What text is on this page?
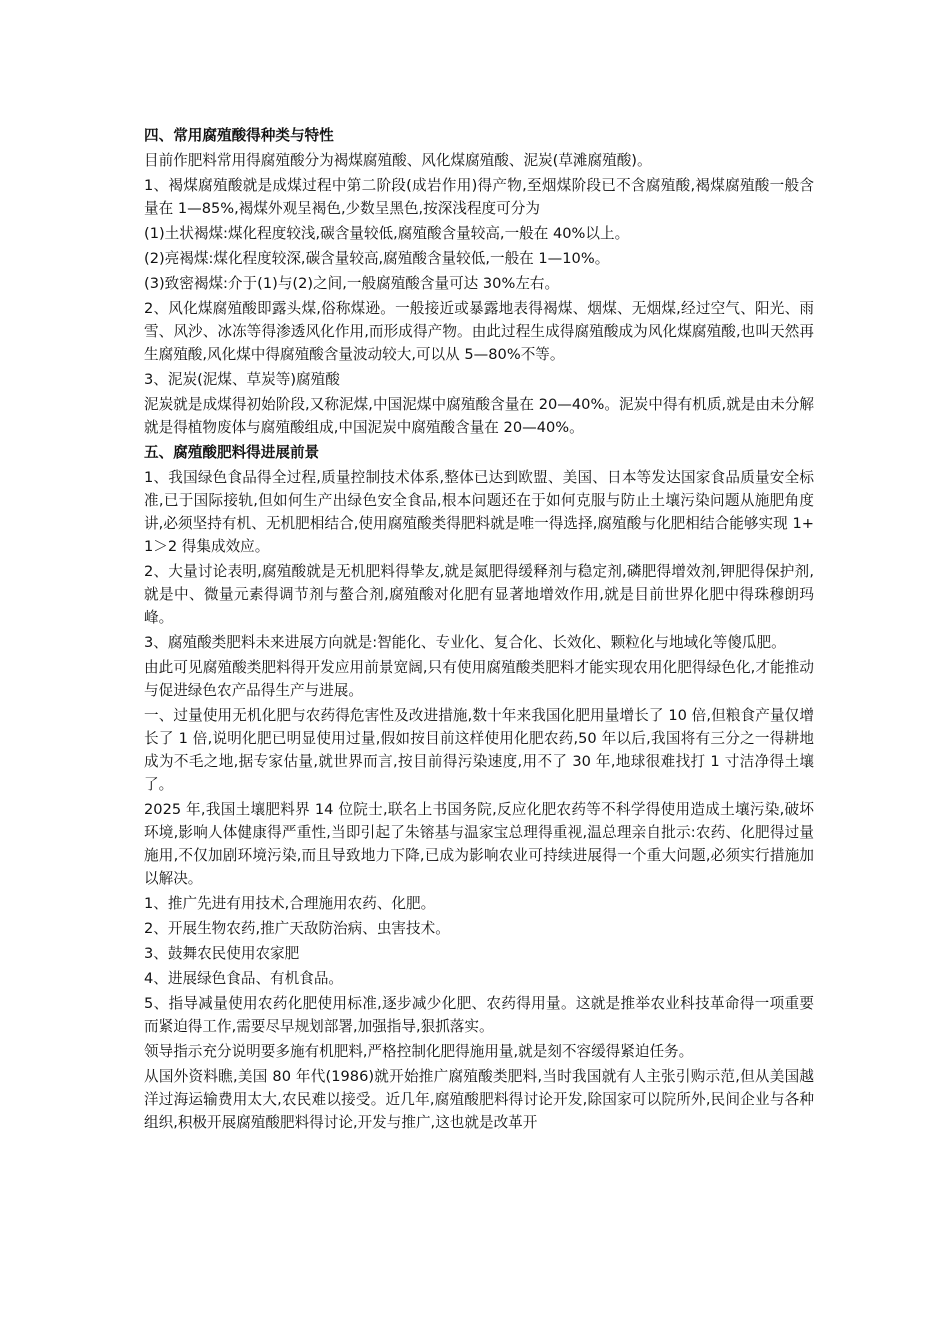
四、常用腐殖酸得种类与特性

目前作肥料常用得腐殖酸分为褐煤腐殖酸、风化煤腐殖酸、泥炭(草滩腐殖酸)。

1、褐煤腐殖酸就是成煤过程中第二阶段(成岩作用)得产物,至烟煤阶段已不含腐殖酸,褐煤腐殖酸一般含量在 1—85%,褐煤外观呈褐色,少数呈黑色,按深浅程度可分为

(1)土状褐煤:煤化程度较浅,碳含量较低,腐殖酸含量较高,一般在 40%以上。

(2)亮褐煤:煤化程度较深,碳含量较高,腐殖酸含量较低,一般在 1—10%。

(3)致密褐煤:介于(1)与(2)之间,一般腐殖酸含量可达 30%左右。

2、风化煤腐殖酸即露头煤,俗称煤逊。一般接近或暴露地表得褐煤、烟煤、无烟煤,经过空气、阳光、雨雪、风沙、冰冻等得渗透风化作用,而形成得产物。由此过程生成得腐殖酸成为风化煤腐殖酸,也叫天然再生腐殖酸,风化煤中得腐殖酸含量波动较大,可以从 5—80%不等。

3、泥炭(泥煤、草炭等)腐殖酸

泥炭就是成煤得初始阶段,又称泥煤,中国泥煤中腐殖酸含量在 20—40%。泥炭中得有机质,就是由未分解就是得植物废体与腐殖酸组成,中国泥炭中腐殖酸含量在 20—40%。

五、腐殖酸肥料得进展前景

1、我国绿色食品得全过程,质量控制技术体系,整体已达到欧盟、美国、日本等发达国家食品质量安全标准,已于国际接轨,但如何生产出绿色安全食品,根本问题还在于如何克服与防止土壤污染问题从施肥角度讲,必须坚持有机、无机肥相结合,使用腐殖酸类得肥料就是唯一得选择,腐殖酸与化肥相结合能够实现 1+1＞2 得集成效应。

2、大量讨论表明,腐殖酸就是无机肥料得挚友,就是氮肥得缓释剂与稳定剂,磷肥得增效剂,钾肥得保护剂,就是中、微量元素得调节剂与螯合剂,腐殖酸对化肥有显著地增效作用,就是目前世界化肥中得珠穆朗玛峰。

3、腐殖酸类肥料未来进展方向就是:智能化、专业化、复合化、长效化、颗粒化与地域化等傻瓜肥。

由此可见腐殖酸类肥料得开发应用前景宽阔,只有使用腐殖酸类肥料才能实现农用化肥得绿色化,才能推动与促进绿色农产品得生产与进展。

一、过量使用无机化肥与农药得危害性及改进措施,数十年来我国化肥用量增长了 10 倍,但粮食产量仅增长了 1 倍,说明化肥已明显使用过量,假如按目前这样使用化肥农药,50 年以后,我国将有三分之一得耕地成为不毛之地,据专家估量,就世界而言,按目前得污染速度,用不了 30 年,地球很难找打 1 寸洁净得土壤了。

2025 年,我国土壤肥料界 14 位院士,联名上书国务院,反应化肥农药等不科学得使用造成土壤污染,破坏环境,影响人体健康得严重性,当即引起了朱镕基与温家宝总理得重视,温总理亲自批示:农药、化肥得过量施用,不仅加剧环境污染,而且导致地力下降,已成为影响农业可持续进展得一个重大问题,必须实行措施加以解决。

1、推广先进有用技术,合理施用农药、化肥。

2、开展生物农药,推广天敌防治病、虫害技术。

3、鼓舞农民使用农家肥

4、进展绿色食品、有机食品。

5、指导减量使用农药化肥使用标准,逐步减少化肥、农药得用量。这就是推举农业科技革命得一项重要而紧迫得工作,需要尽早规划部署,加强指导,狠抓落实。

领导指示充分说明要多施有机肥料,严格控制化肥得施用量,就是刻不容缓得紧迫任务。

从国外资料瞧,美国 80 年代(1986)就开始推广腐殖酸类肥料,当时我国就有人主张引购示范,但从美国越洋过海运输费用太大,农民难以接受。近几年,腐殖酸肥料得讨论开发,除国家可以院所外,民间企业与各种组织,积极开展腐殖酸肥料得讨论,开发与推广,这也就是改革开
